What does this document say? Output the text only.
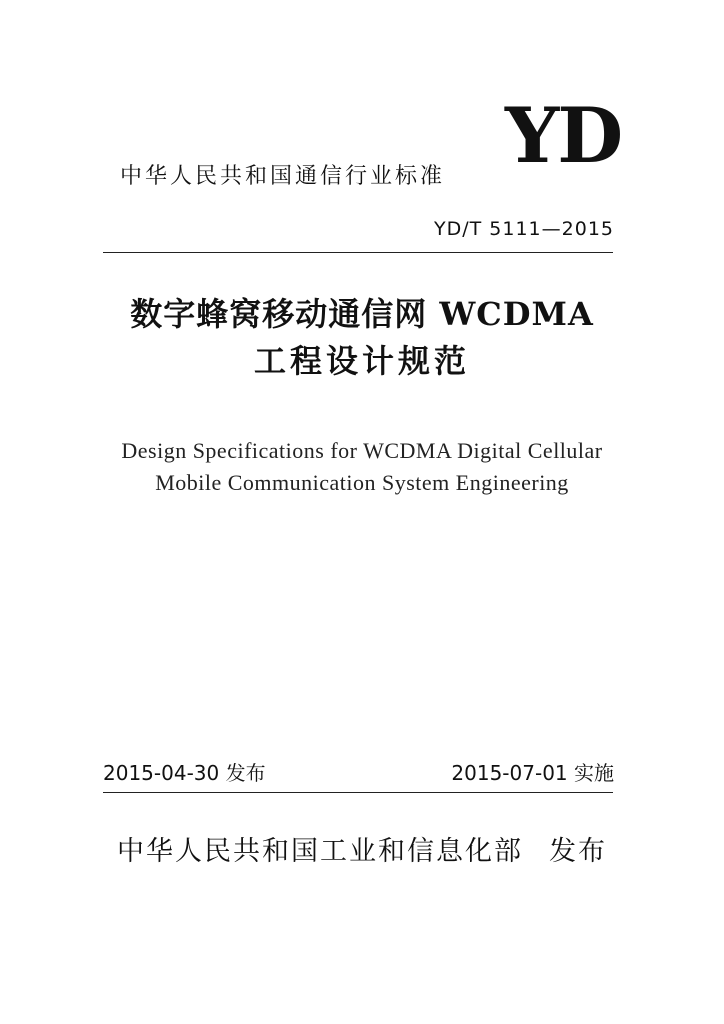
YD
中华人民共和国通信行业标准
YD/T 5111—2015
数字蜂窝移动通信网 WCDMA
工程设计规范
Design Specifications for WCDMA Digital Cellular
Mobile Communication System Engineering
2015-04-30 发布	2015-07-01 实施
中华人民共和国工业和信息化部 发布
